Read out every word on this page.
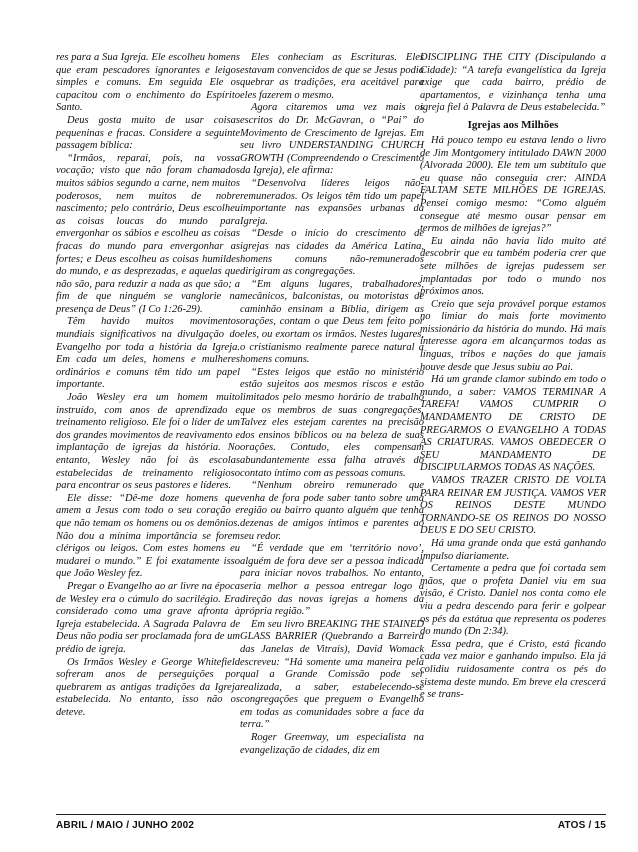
res para a Sua Igreja. Ele escolheu homens que eram pescadores ignorantes e leigos simples e comuns. Em seguida Ele os capacitou com o enchimento do Espírito Santo.

Deus gosta muito de usar coisas pequeninas e fracas. Considere a seguinte passagem bíblica:

“Irmãos, reparai, pois, na vossa vocação; visto que não foram chamados muitos sábios segundo a carne, nem muitos poderosos, nem muitos de nobre nascimento; pelo contrário, Deus escolheu as coisas loucas do mundo para envergonhar os sábios e escolheu as coisas fracas do mundo para envergonhar as fortes; e Deus escolheu as coisas humildes do mundo, e as desprezadas, e aquelas que não são, para reduzir a nada as que são; a fim de que ninguém se vanglorie na presença de Deus” (I Co 1:26-29).

Têm havido muitos movimentos mundiais significativos na divulgação do Evangelho por toda a história da Igreja. Em cada um deles, homens e mulheres ordinários e comuns têm tido um papel importante.

João Wesley era um homem muito instruído, com anos de aprendizado e treinamento religioso. Ele foi o líder de um dos grandes movimentos de reavivamento e implantação de igrejas da história. No entanto, Wesley não foi às escolas estabelecidas de treinamento religioso para encontrar os seus pastores e líderes.

Ele disse: “Dê-me doze homens que amem a Jesus com todo o seu coração e que não temam os homens ou os demônios. Não dou a mínima importância se forem clérigos ou leigos. Com estes homens eu mudarei o mundo.” E foi exatamente isso que João Wesley fez.

Pregar o Evangelho ao ar livre na época de Wesley era o cúmulo do sacrilégio. Era considerado como uma grave afronta à Igreja estabelecida. A Sagrada Palavra de Deus não podia ser proclamada fora de um prédio de igreja.

Os Irmãos Wesley e George Whitefield sofreram anos de perseguições por quebrarem as antigas tradições da Igreja estabelecida. No entanto, isso não os deteve.

Eles conheciam as Escrituras. Eles estavam convencidos de que se Jesus podia quebrar as tradições, era aceitável para eles fazerem o mesmo.

Agora citaremos uma vez mais os escritos do Dr. McGavran, o “Pai” do Movimento de Crescimento de Igrejas. Em seu livro UNDERSTANDING CHURCH GROWTH (Compreendendo o Crescimento da Igreja), ele afirma:

“Desenvolva líderes leigos não-remunerados. Os leigos têm tido um papel importante nas expansões urbanas da Igreja.

“Desde o início do crescimento de igrejas nas cidades da América Latina, homens comuns não-remunerados dirigiram as congregações.

“Em alguns lugares, trabalhadores, mecânicos, balconistas, ou motoristas de caminhão ensinam a Bíblia, dirigem as orações, contam o que Deus tem feito por eles, ou exortam os irmãos. Nestes lugares, o cristianismo realmente parece natural a homens comuns.

“Estes leigos que estão no ministério estão sujeitos aos mesmos riscos e estão limitados pelo mesmo horário de trabalho que os membros de suas congregações. Talvez eles estejam carentes na precisão dos ensinos bíblicos ou na beleza de suas orações. Contudo, eles compensam abundantemente essa falha através do contato íntimo com as pessoas comuns.

“Nenhum obreiro remunerado que venha de fora pode saber tanto sobre uma região ou bairro quanto alguém que tenha dezenas de amigos íntimos e parentes ao seu redor.

“É verdade que em ‘território novo’, alguém de fora deve ser a pessoa indicada para iniciar novos trabalhos. No entanto, seria melhor a pessoa entregar logo a direção das novas igrejas a homens da própria região.”

Em seu livro BREAKING THE STAINED GLASS BARRIER (Quebrando a Barreira das Janelas de Vitrais), David Womack escreveu: “Há somente uma maneira pela qual a Grande Comissão pode ser realizada, a saber, estabelecendo-se congregações que preguem o Evangelho em todas as comunidades sobre a face da terra.”

Roger Greenway, um especialista na evangelização de cidades, diz em

DISCIPLING THE CITY (Discipulando a Cidade): “A tarefa evangelística da Igreja exige que cada bairro, prédio de apartamentos, e vizinhança tenha uma igreja fiel à Palavra de Deus estabelecida.”

Igrejas aos Milhões

Há pouco tempo eu estava lendo o livro de Jim Montgomery intitulado DAWN 2000 (Alvorada 2000). Ele tem um subtítulo que eu quase não conseguia crer: AINDA FALTAM SETE MILHÕES DE IGREJAS. Pensei comigo mesmo: “Como alguém consegue até mesmo ousar pensar em termos de milhões de igrejas?”

Eu ainda não havia lido muito até descobrir que eu também poderia crer que sete milhões de igrejas pudessem ser implantadas por todo o mundo nos próximos anos.

Creio que seja provável porque estamos no limiar do mais forte movimento missionário da história do mundo. Há mais interesse agora em alcançarmos todas as línguas, tribos e nações do que jamais houve desde que Jesus subiu ao Pai.

Há um grande clamor subindo em todo o mundo, a saber: VAMOS TERMINAR A TAREFA! VAMOS CUMPRIR O MANDAMENTO DE CRISTO DE PREGARMOS O EVANGELHO A TODAS AS CRIATURAS. VAMOS OBEDECER O SEU MANDAMENTO DE DISCIPULARMOS TODAS AS NAÇÕES.

VAMOS TRAZER CRISTO DE VOLTA PARA REINAR EM JUSTIÇA. VAMOS VER OS REINOS DESTE MUNDO TORNANDO-SE OS REINOS DO NOSSO DEUS E DO SEU CRISTO.

Há uma grande onda que está ganhando impulso diariamente.

Certamente a pedra que foi cortada sem mãos, que o profeta Daniel viu em sua visão, é Cristo. Daniel nos conta como ele viu a pedra descendo para ferir e golpear os pés da estátua que representa os poderes do mundo (Dn 2:34).

Essa pedra, que é Cristo, está ficando cada vez maior e ganhando impulso. Ela já colidiu ruidosamente contra os pés do sistema deste mundo. Em breve ela crescerá e se trans-

ABRIL / MAIO / JUNHO 2002	ATOS / 15
